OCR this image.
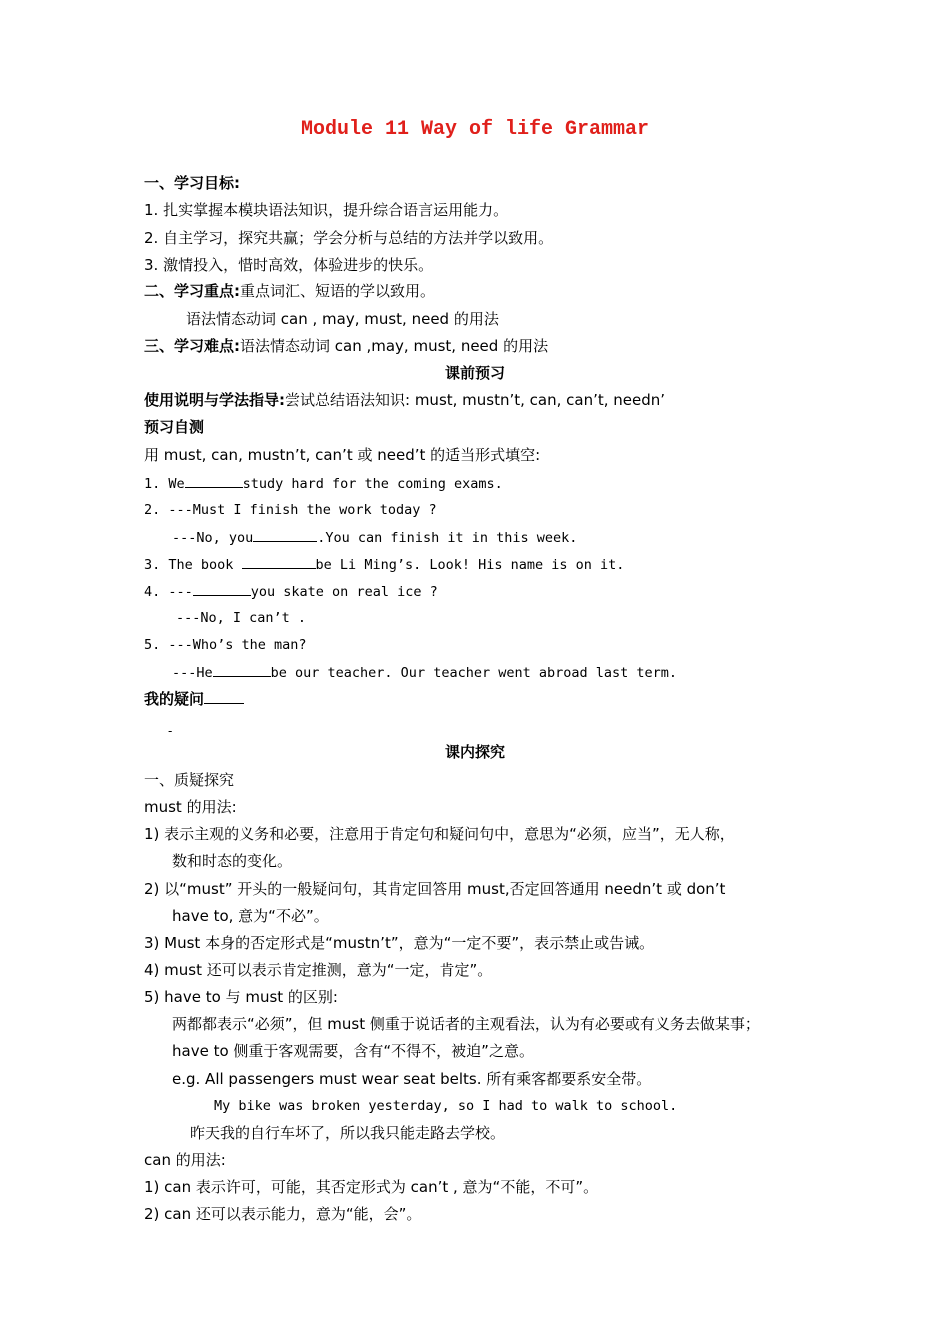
Module 11 Way of life Grammar
一、学习目标:
1. 扎实掌握本模块语法知识，提升综合语言运用能力。
2. 自主学习，探究共赢；学会分析与总结的方法并学以致用。
3. 激情投入，惜时高效，体验进步的快乐。
二、学习重点:重点词汇、短语的学以致用。
语法情态动词 can , may, must, need 的用法
三、学习难点:语法情态动词 can ,may, must, need 的用法
课前预习
使用说明与学法指导:尝试总结语法知识: must, mustn’t, can, can’t, needn’
预习自测
用 must, can, mustn’t, can’t 或 need’t 的适当形式填空:
1. We	study hard for the coming exams.
2. ---Must I finish the work today ?
---No, you	.You can finish it in this week.
3. The book	be Li Ming’s. Look! His name is on it.
4. ---	you skate on real ice ?
---No, I can’t .
5. ---Who’s the man?
---He	be our teacher. Our teacher went abroad last term.
我的疑问
-
课内探究
一、质疑探究
must 的用法:
1) 表示主观的义务和必要，注意用于肯定句和疑问句中，意思为“必须，应当”，无人称，
数和时态的变化。
2) 以“must” 开头的一般疑问句，其肯定回答用 must,否定回答通用 needn’t 或 don’t
have to, 意为“不必”。
3) Must 本身的否定形式是“mustn’t”，意为“一定不要”，表示禁止或告诫。
4) must 还可以表示肯定推测，意为“一定，肯定”。
5) have to 与 must 的区别:
两都都表示“必须”，但 must 侧重于说话者的主观看法，认为有必要或有义务去做某事；
have to 侧重于客观需要，含有“不得不，被迫”之意。
e.g. All passengers must wear seat belts. 所有乘客都要系安全带。
My bike was broken yesterday, so I had to walk to school.
昨天我的自行车坏了，所以我只能走路去学校。
can 的用法:
1) can 表示许可，可能，其否定形式为 can’t , 意为“不能，不可”。
2) can 还可以表示能力，意为“能，会”。
